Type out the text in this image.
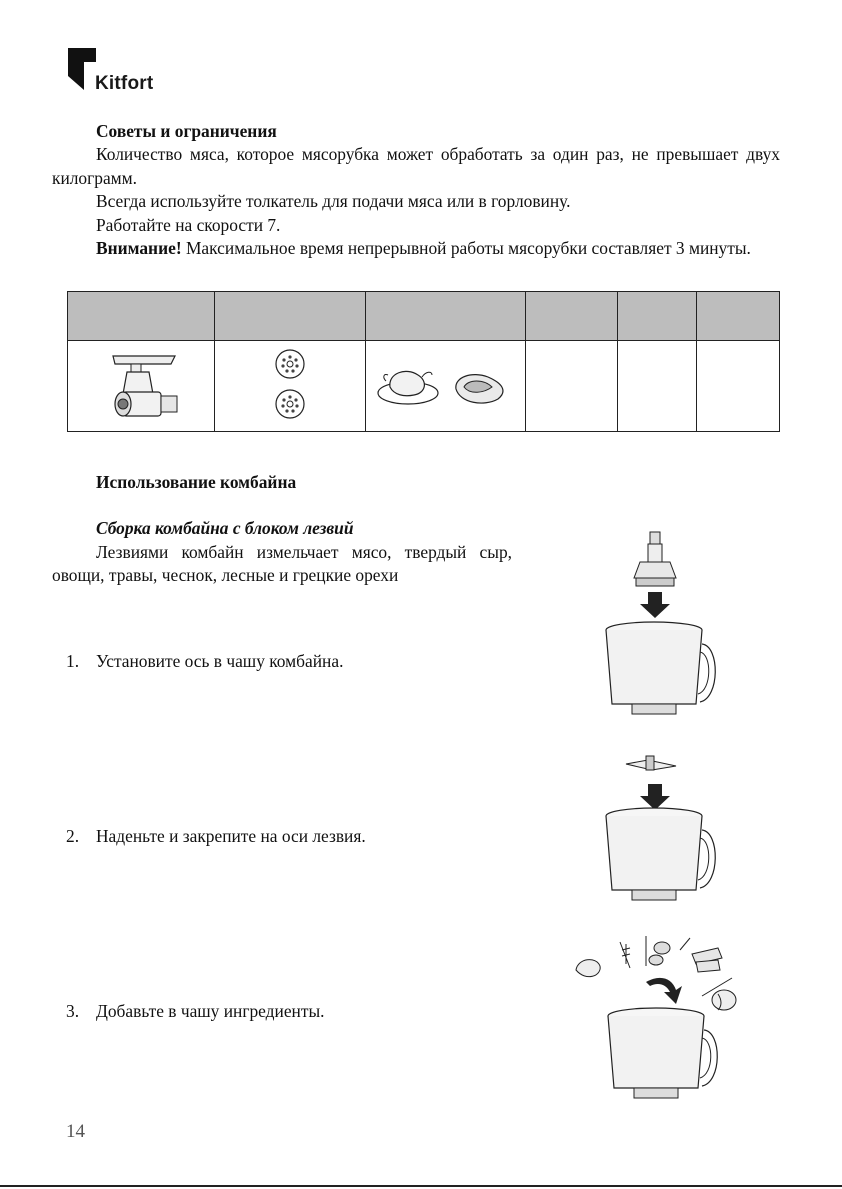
Kitfort

Советы и ограничения

Количество мяса, которое мясорубка может обработать за один раз, не превышает двух килограмм.

Всегда используйте толкатель для подачи мяса или в горловину.

Работайте на скорости 7.

Внимание! Максимальное время непрерывной работы мясорубки составляет 3 минуты.

Использование комбайна

Сборка комбайна с блоком лезвий

Лезвиями комбайн измельчает мясо, твердый сыр, овощи, травы, чеснок, лесные и грецкие орехи

1. Установите ось в чашу комбайна.
2. Наденьте и закрепите на оси лезвия.
3. Добавьте в чашу ингредиенты.
14
